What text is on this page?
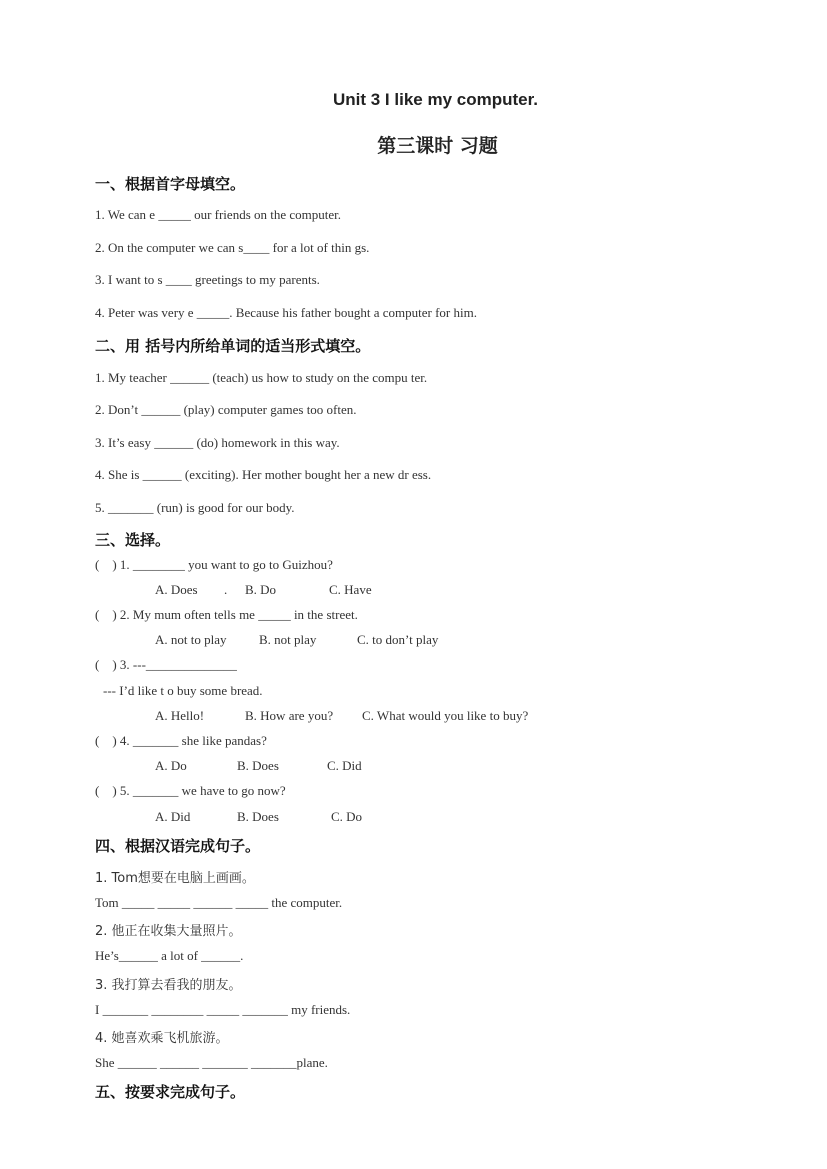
Unit 3 I like my computer.
第三课时 习题
一、根据首字母填空。
1. We can e _____ our friends on the computer.
2. On the computer we can s____ for a lot of thin gs.
3. I want to s ____ greetings to my parents.
4. Peter was very e _____. Because his father bought a computer for him.
二、用 括号内所给单词的适当形式填空。
1. My teacher ______ (teach) us how to study on the compu ter.
2. Don’t ______ (play) computer games too often.
3. It’s easy ______ (do) homework in this way.
4. She is ______ (exciting). Her mother bought her a new dr ess.
5. _______ (run) is good for our body.
三、选择。
(    ) 1. ________ you want to go to Guizhou?
A. Does . B. Do	C. Have
(    ) 2. My mum often tells me _____ in the street.
A. not to play	B. not play	C. to don’t play
(    ) 3. ---______________
--- I’d like t o buy some bread.
A. Hello!	B. How are you? C. What would you like to buy?
(    ) 4. _______ she like pandas?
A. Do	B. Does	C. Did
(    ) 5. _______ we have to go now?
A. Did	B. Does	C. Do
四、根据汉语完成句子。
1. Tom想要在电脑上画画。
Tom _____ _____ ______ _____ the computer.
2. 他正在收集大量照片。
He’s______ a lot of ______.
3. 我打算去看我的朋友。
I _______ ________ _____ _______ my friends.
4. 她喜欢乘飞机旅游。
She ______ ______ _______ _______plane.
五、按要求完成句子。
